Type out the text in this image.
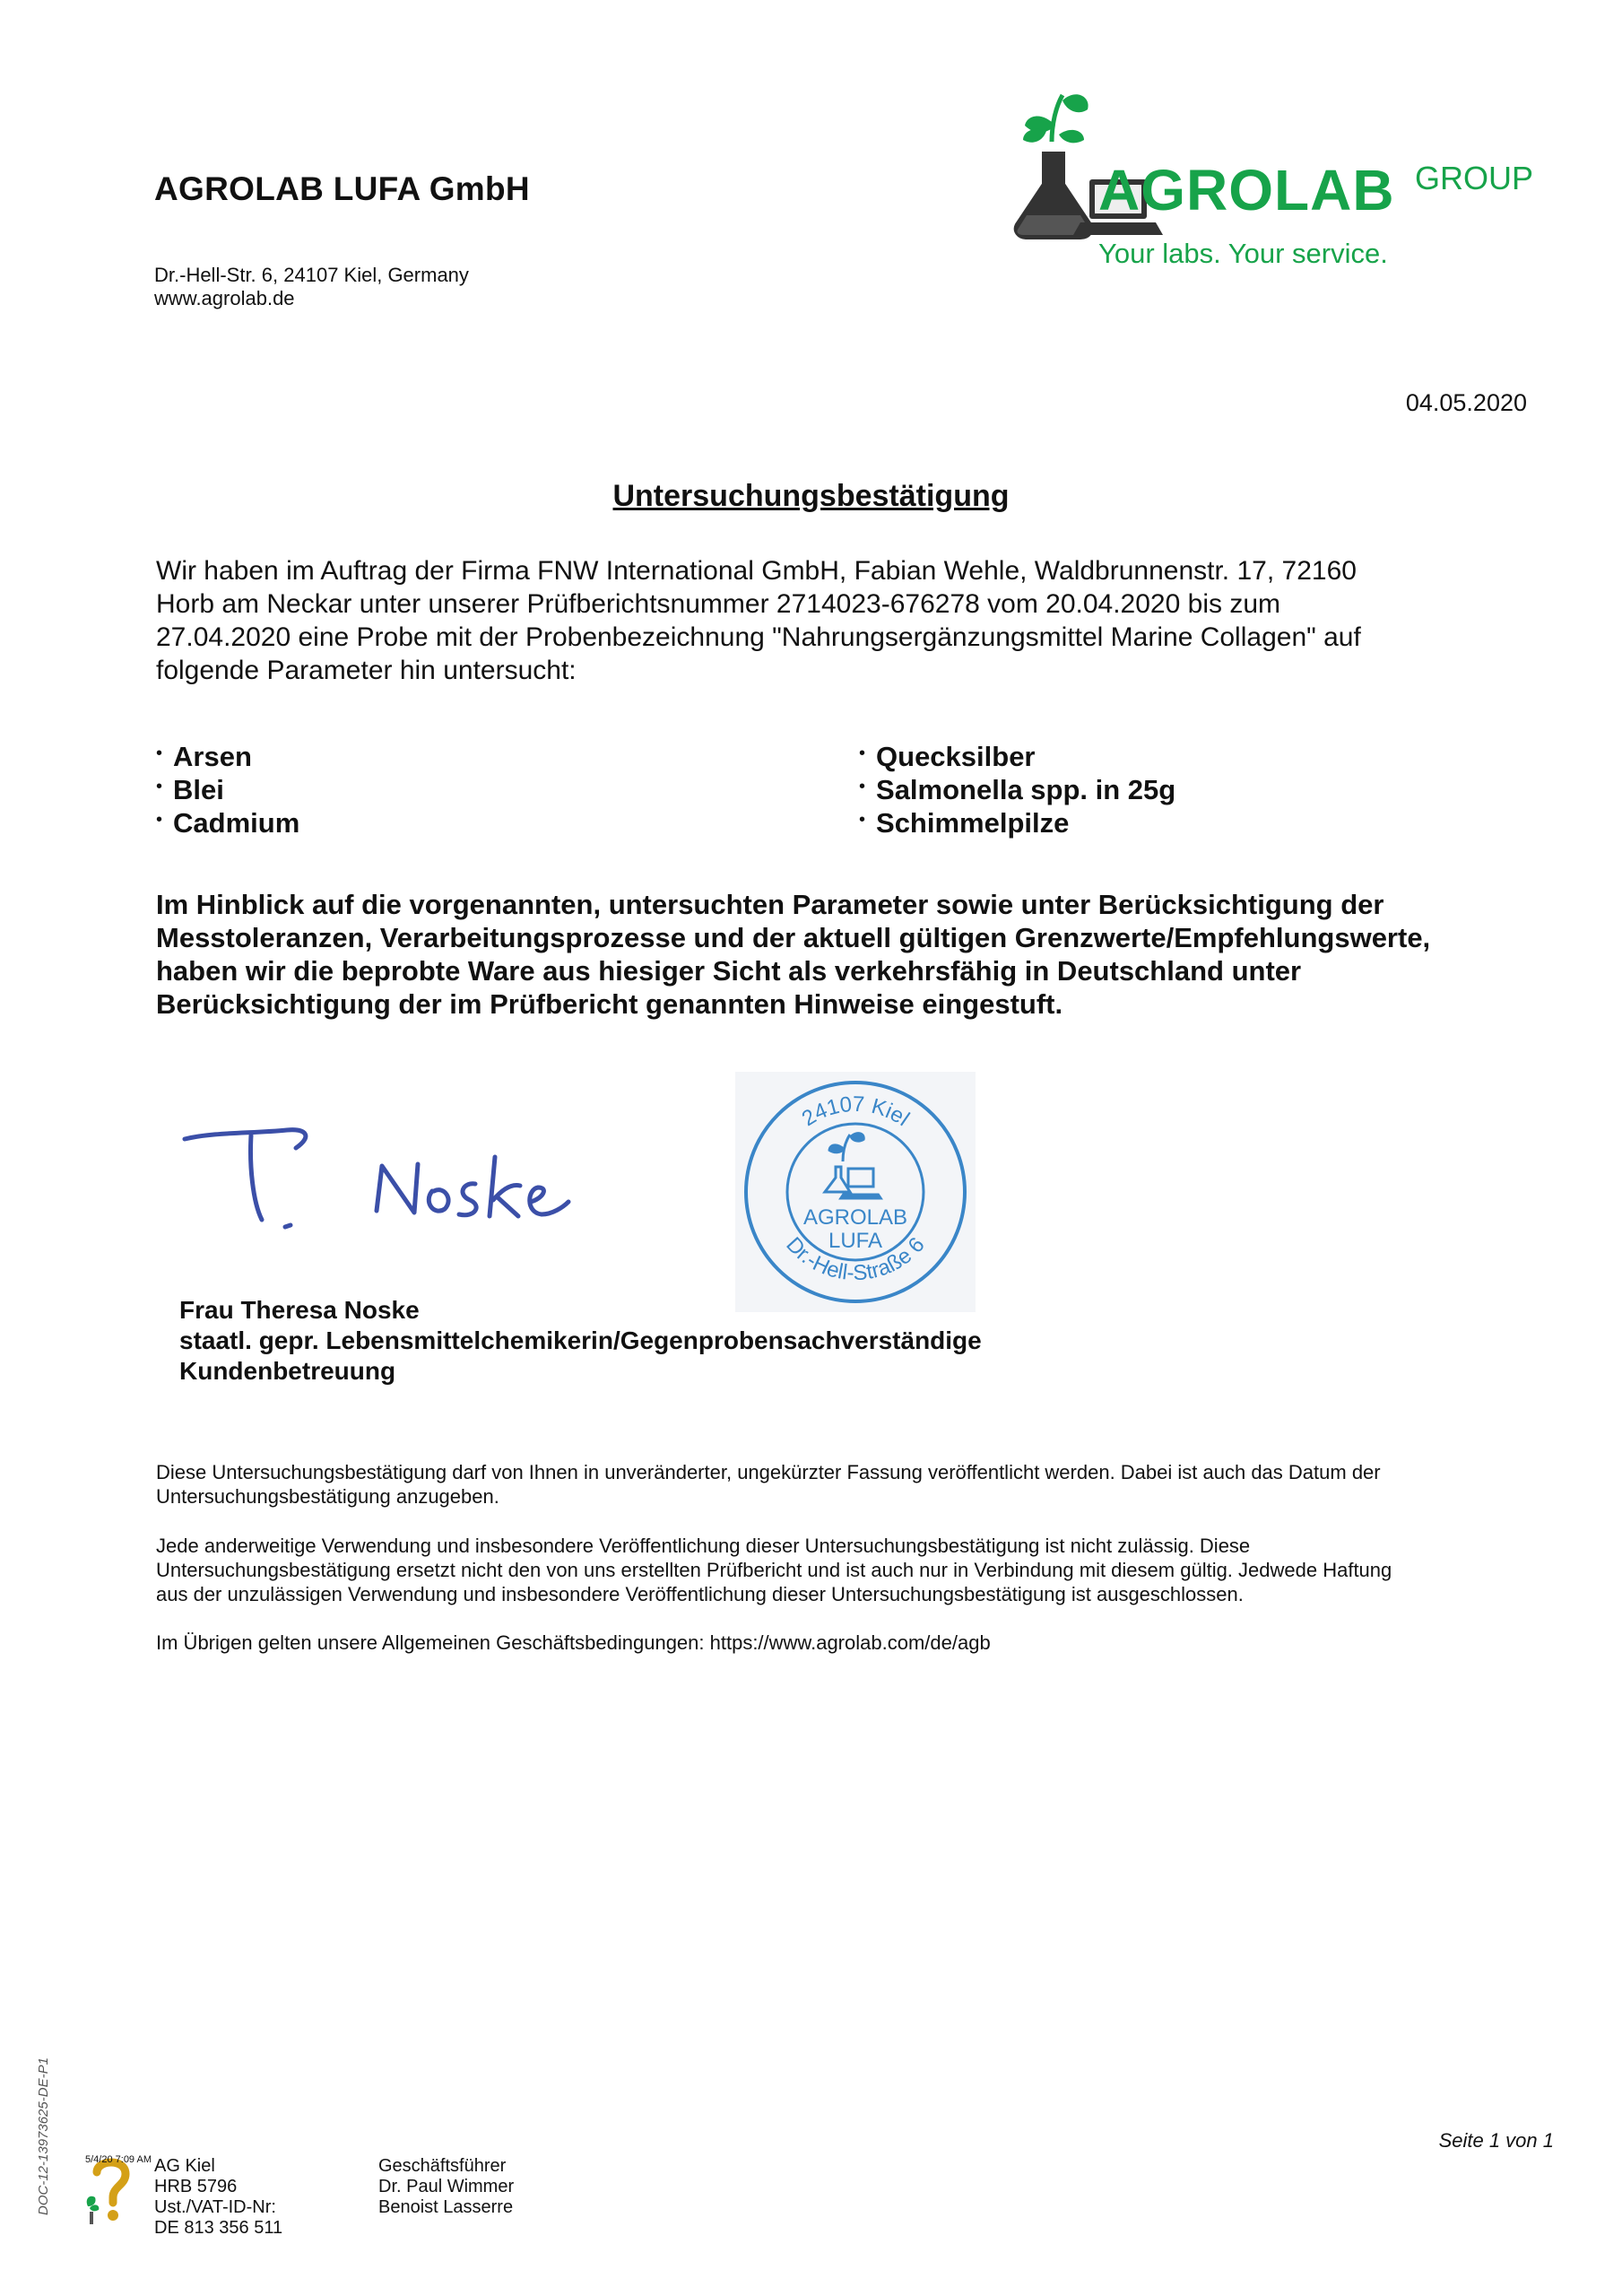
AGROLAB LUFA GmbH
Dr.-Hell-Str. 6, 24107 Kiel, Germany
www.agrolab.de
AGROLAB GROUP
Your labs. Your service.
04.05.2020
Untersuchungsbestätigung
Wir haben im Auftrag der Firma FNW International GmbH, Fabian Wehle, Waldbrunnenstr. 17, 72160
Horb am Neckar unter unserer Prüfberichtsnummer 2714023-676278 vom 20.04.2020 bis zum
27.04.2020 eine Probe mit der Probenbezeichnung "Nahrungsergänzungsmittel Marine Collagen" auf
folgende Parameter hin untersucht:
• Arsen
• Blei
• Cadmium
• Quecksilber
• Salmonella spp. in 25g
• Schimmelpilze
Im Hinblick auf die vorgenannten, untersuchten Parameter sowie unter Berücksichtigung der
Messtoleranzen, Verarbeitungsprozesse und der aktuell gültigen Grenzwerte/Empfehlungswerte,
haben wir die beprobte Ware aus hiesiger Sicht als verkehrsfähig in Deutschland unter
Berücksichtigung der im Prüfbericht genannten Hinweise eingestuft.
24107 Kiel
Dr.-Hell-Straße 6
AGROLAB
LUFA
Frau Theresa Noske
staatl. gepr. Lebensmittelchemikerin/Gegenprobensachverständige
Kundenbetreuung
Diese Untersuchungsbestätigung darf von Ihnen in unveränderter, ungekürzter Fassung veröffentlicht werden. Dabei ist auch das Datum der
Untersuchungsbestätigung anzugeben.
Jede anderweitige Verwendung und insbesondere Veröffentlichung dieser Untersuchungsbestätigung ist nicht zulässig. Diese
Untersuchungsbestätigung ersetzt nicht den von uns erstellten Prüfbericht und ist auch nur in Verbindung mit diesem gültig. Jedwede Haftung
aus der unzulässigen Verwendung und insbesondere Veröffentlichung dieser Untersuchungsbestätigung ist ausgeschlossen.
Im Übrigen gelten unsere Allgemeinen Geschäftsbedingungen: https://www.agrolab.com/de/agb
DOC-12-13973625-DE-P1	Seite 1 von 1
5/4/20 7:09 AM AG Kiel
HRB 5796
Ust./VAT-ID-Nr:
DE 813 356 511
Geschäftsführer
Dr. Paul Wimmer
Benoist Lasserre
